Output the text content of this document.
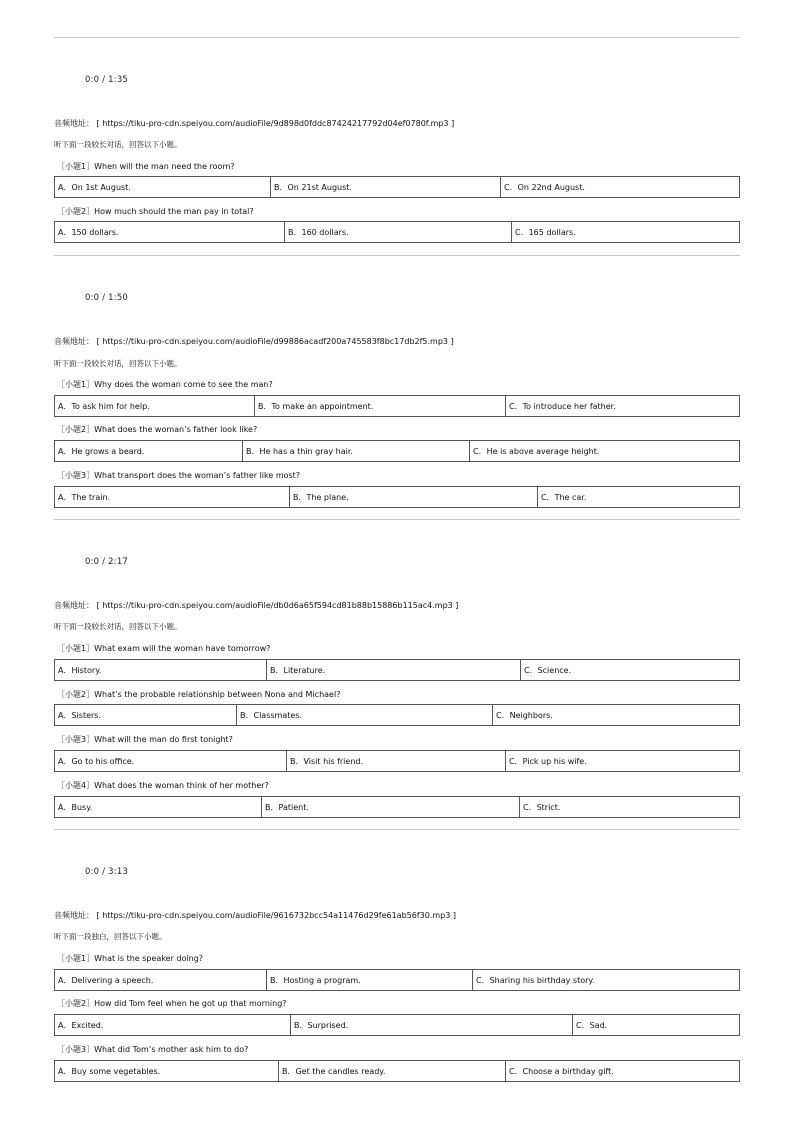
0:0 / 1:35
音频地址： [ https://tiku-pro-cdn.speiyou.com/audioFile/9d898d0fddc87424217792d04ef0780f.mp3 ]
听下面一段较长对话，回答以下小题。
［小题1］When will the man need the room?
A．On 1st August.	B．On 21st August.	C．On 22nd August.
［小题2］How much should the man pay in total?
A．150 dollars.	B．160 dollars.	C．165 dollars.
0:0 / 1:50
音频地址： [ https://tiku-pro-cdn.speiyou.com/audioFile/d99886acadf200a745583f8bc17db2f5.mp3 ]
听下面一段较长对话，回答以下小题。
［小题1］Why does the woman come to see the man?
A．To ask him for help.	B．To make an appointment.	C．To introduce her father.
［小题2］What does the woman’s father look like?
A．He grows a beard.	B．He has a thin gray hair.	C．He is above average height.
［小题3］What transport does the woman’s father like most?
A．The train.	B．The plane.	C．The car.
0:0 / 2:17
音频地址： [ https://tiku-pro-cdn.speiyou.com/audioFile/db0d6a65f594cd81b88b15886b115ac4.mp3 ]
听下面一段较长对话，回答以下小题。
［小题1］What exam will the woman have tomorrow?
A．History.	B．Literature.	C．Science.
［小题2］What’s the probable relationship between Nona and Michael?
A．Sisters.	B．Classmates.	C．Neighbors.
［小题3］What will the man do first tonight?
A．Go to his office.	B．Visit his friend.	C．Pick up his wife.
［小题4］What does the woman think of her mother?
A．Busy.	B．Patient.	C．Strict.
0:0 / 3:13
音频地址： [ https://tiku-pro-cdn.speiyou.com/audioFile/9616732bcc54a11476d29fe61ab56f30.mp3 ]
听下面一段独白，回答以下小题。
［小题1］What is the speaker doing?
A．Delivering a speech.	B．Hosting a program.	C．Sharing his birthday story.
［小题2］How did Tom feel when he got up that morning?
A．Excited.	B．Surprised.	C．Sad.
［小题3］What did Tom’s mother ask him to do?
A．Buy some vegetables.	B．Get the candles ready.	C．Choose a birthday gift.
